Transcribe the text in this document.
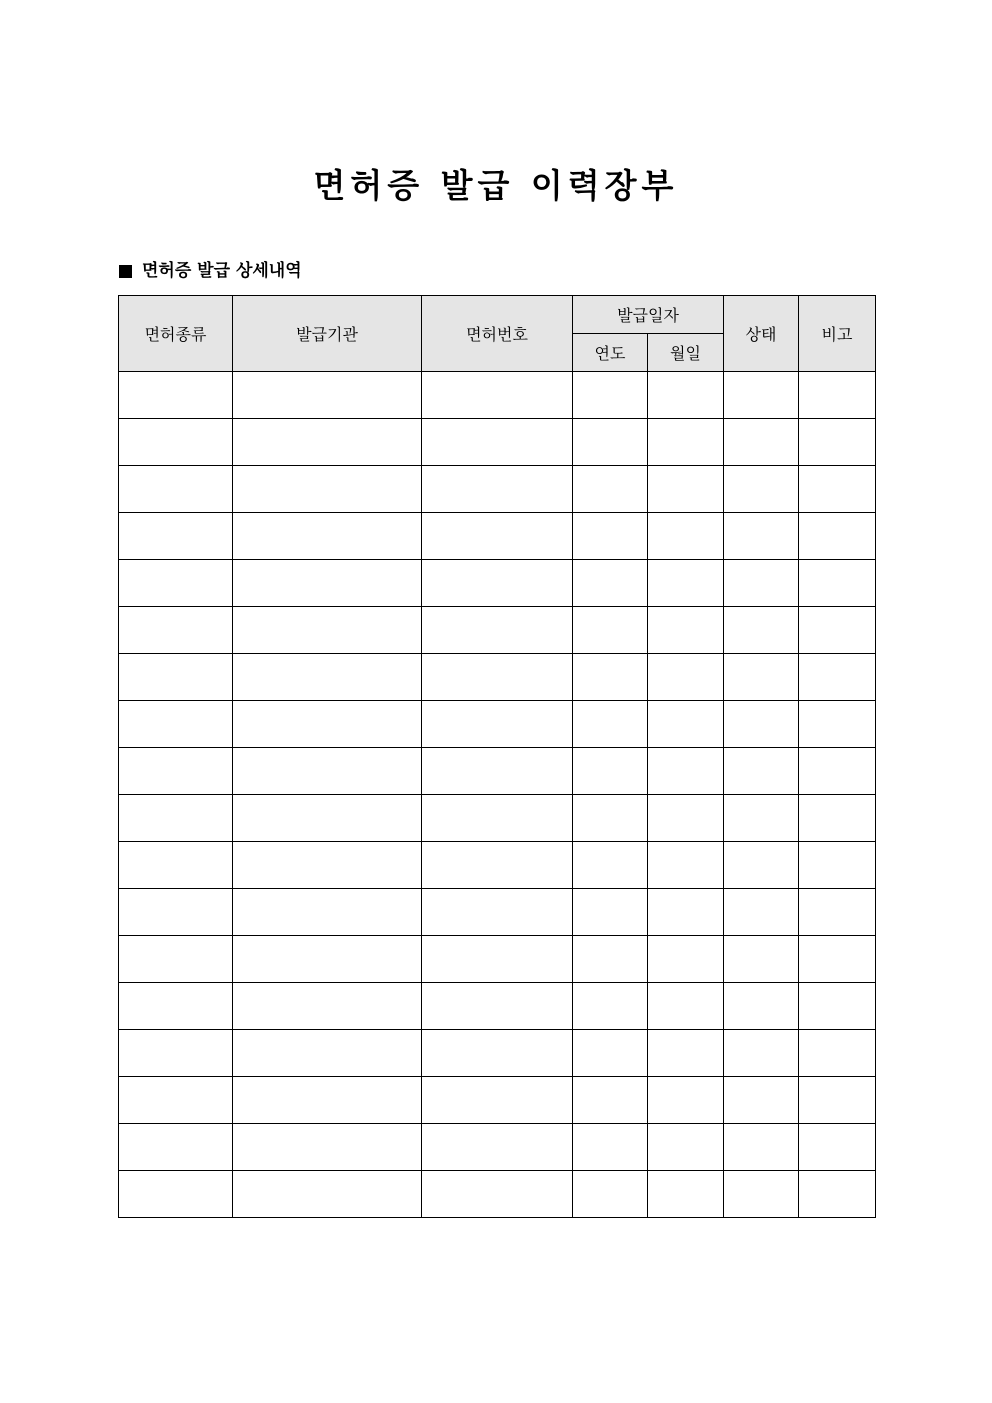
면허증 발급 이력장부
면허증 발급 상세내역
면허종류	발급기관	면허번호	발급일자		상태	비고
			연도	월일		
